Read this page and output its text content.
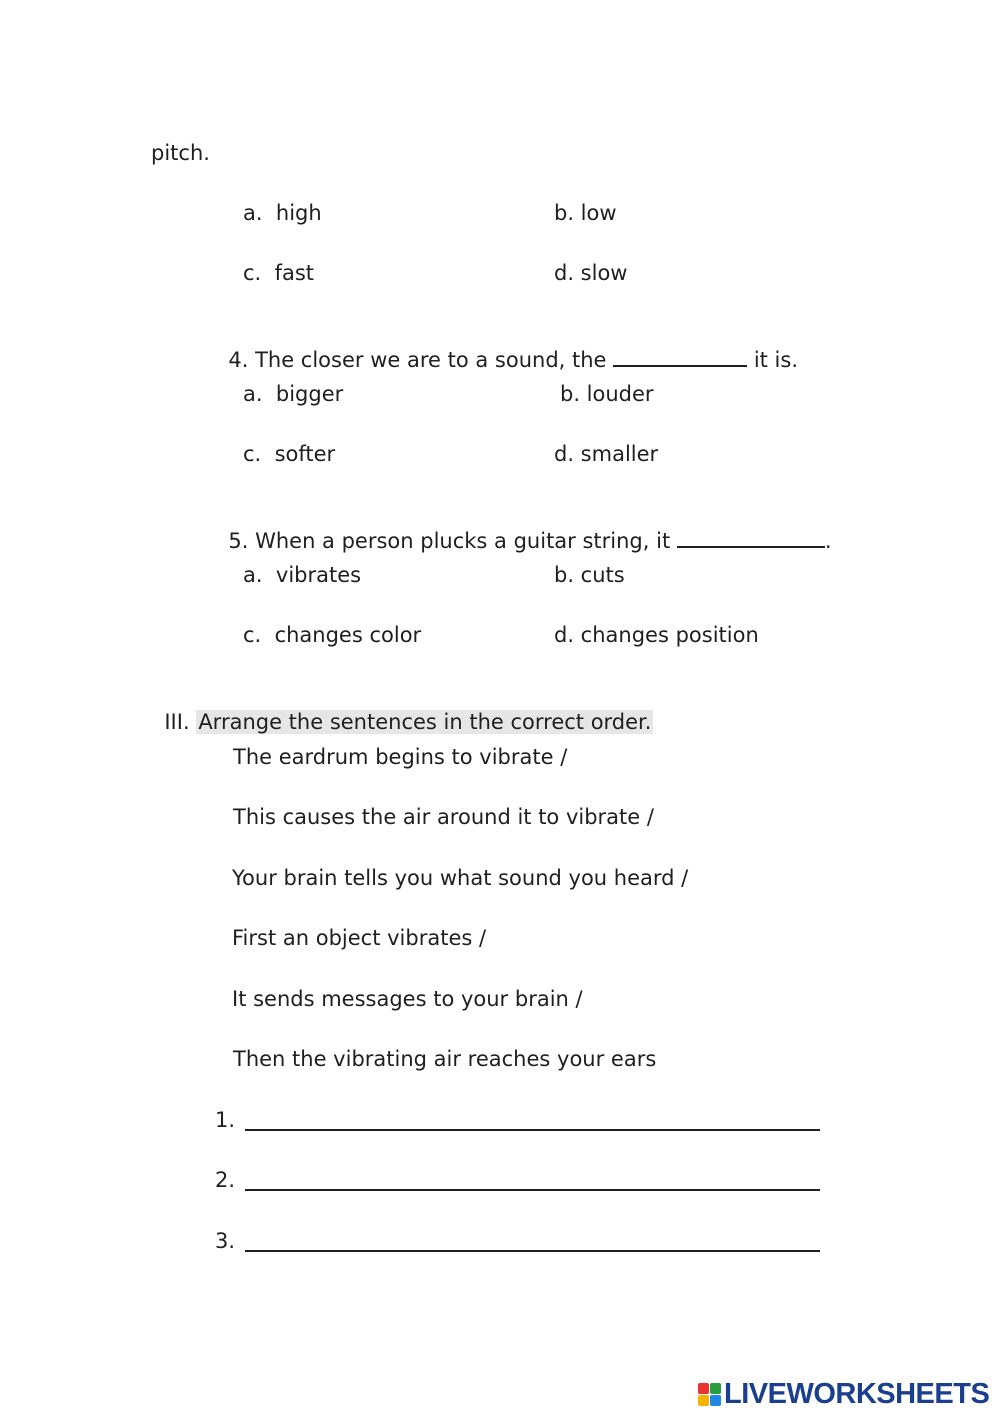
pitch.
a.  high	b. low
c.  fast	d. slow

4. The closer we are to a sound, the	it is.

a.  bigger	b. louder
c.  softer	d. smaller

5. When a person plucks a guitar string, it	.

a.  vibrates	b. cuts
c.  changes color	d. changes position

III. Arrange the sentences in the correct order.

The eardrum begins to vibrate /
This causes the air around it to vibrate /
Your brain tells you what sound you heard /
First an object vibrates /
It sends messages to your brain /
Then the vibrating air reaches your ears
1.
2.
3.
LIVEWORKSHEETS
